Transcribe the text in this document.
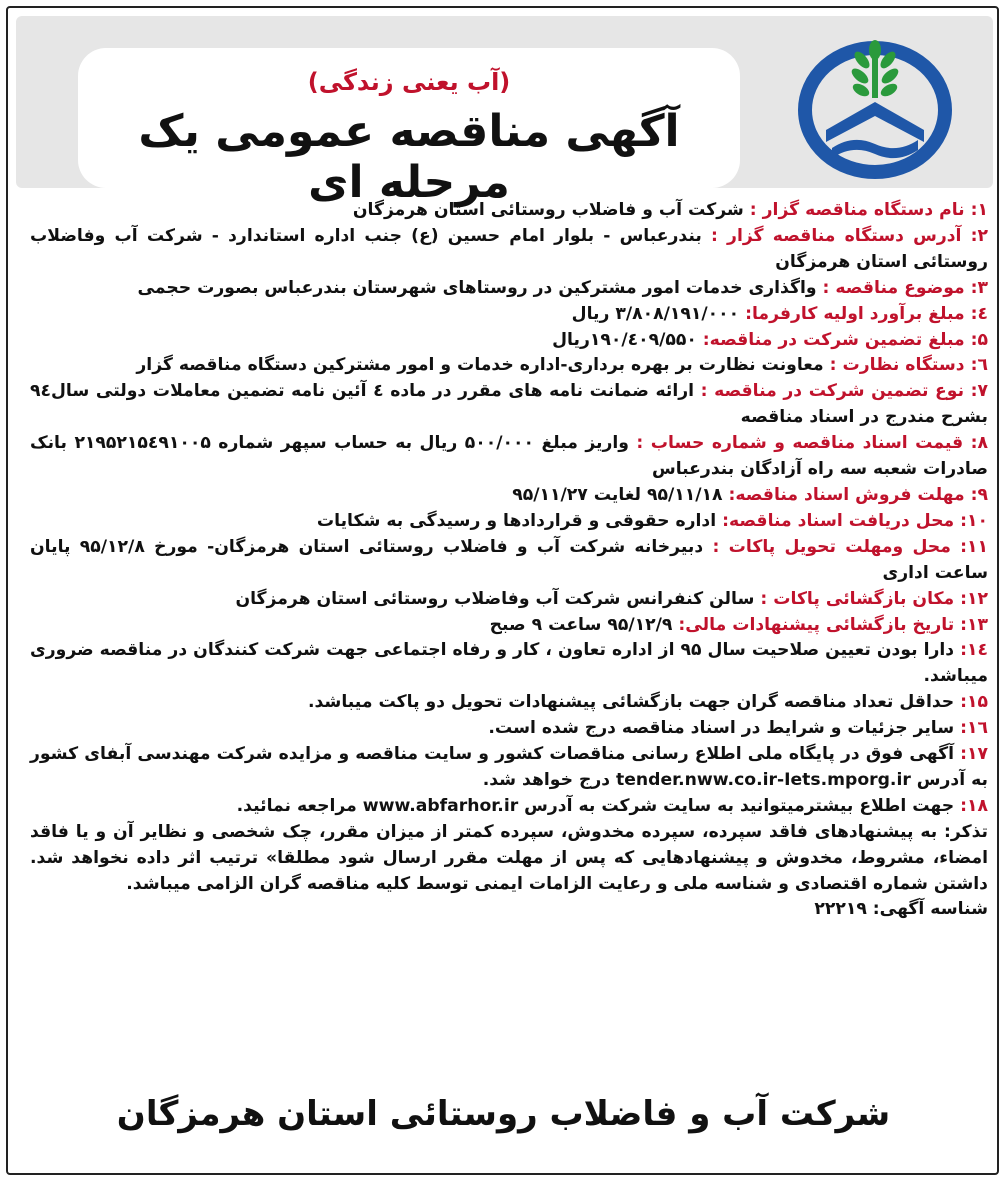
(آب یعنی زندگی)
آگهی مناقصه عمومی یک مرحله ای
۱: نام دستگاه مناقصه گزار : شرکت آب و فاضلاب روستائی استان هرمزگان
۲: آدرس دستگاه مناقصه گزار : بندرعباس - بلوار امام حسین (ع) جنب اداره استاندارد - شرکت آب وفاضلاب روستائی استان هرمزگان
۳: موضوع مناقصه : واگذاری خدمات امور مشترکین در روستاهای شهرستان بندرعباس بصورت حجمی
٤: مبلغ برآورد اولیه کارفرما: ۳/۸۰۸/۱۹۱/۰۰۰ ریال
۵: مبلغ تضمین شرکت در مناقصه: ۱۹۰/٤۰۹/۵۵۰ریال
٦: دستگاه نظارت : معاونت نظارت بر بهره برداری-اداره خدمات و امور مشترکین دستگاه مناقصه گزار
۷: نوع تضمین شرکت در مناقصه : ارائه ضمانت نامه های مقرر در ماده ٤ آئین نامه تضمین معاملات دولتی سال۹٤ بشرح مندرج در اسناد مناقصه
۸: قیمت اسناد مناقصه و شماره حساب : واریز مبلغ ۵۰۰/۰۰۰ ریال به حساب سپهر شماره ۲۱۹۵۲۱۵٤۹۱۰۰۵ بانک صادرات شعبه سه راه آزادگان بندرعباس
۹: مهلت فروش اسناد مناقصه: ۹۵/۱۱/۱۸ لغایت ۹۵/۱۱/۲۷
۱۰: محل دریافت اسناد مناقصه: اداره حقوقی و قراردادها و رسیدگی به شکایات
۱۱: محل ومهلت تحویل پاکات : دبیرخانه شرکت آب و فاضلاب روستائی استان هرمزگان- مورخ ۹۵/۱۲/۸ پایان ساعت اداری
۱۲: مکان بازگشائی پاکات : سالن کنفرانس شرکت آب وفاضلاب روستائی استان هرمزگان
۱۳: تاریخ بازگشائی پیشنهادات مالی: ۹۵/۱۲/۹ ساعت ۹ صبح
۱٤: دارا بودن تعیین صلاحیت سال ۹۵ از اداره تعاون ، کار و رفاه اجتماعی جهت شرکت کنندگان در مناقصه ضروری میباشد.
۱۵: حداقل تعداد مناقصه گران جهت بازگشائی پیشنهادات تحویل دو پاکت میباشد.
۱٦: سایر جزئیات و شرایط در اسناد مناقصه درج شده است.
۱۷: آگهی فوق در پایگاه ملی اطلاع رسانی مناقصات کشور و سایت مناقصه و مزایده شرکت مهندسی آبفای کشور به آدرس tender.nww.co.ir-Iets.mporg.ir درج خواهد شد.
۱۸: جهت اطلاع بیشترمیتوانید به سایت شرکت به آدرس www.abfarhor.ir مراجعه نمائید.
تذکر: به پیشنهادهای فاقد سپرده، سپرده مخدوش، سپرده کمتر از میزان مقرر، چک شخصی و نظایر آن و یا فاقد امضاء، مشروط، مخدوش و پیشنهادهایی که پس از مهلت مقرر ارسال شود مطلقا» ترتیب اثر داده نخواهد شد. داشتن شماره اقتصادی و شناسه ملی و رعایت الزامات ایمنی توسط کلیه مناقصه گران الزامی میباشد.
شناسه آگهی: ۲۲۲۱۹
شرکت آب و فاضلاب روستائی استان هرمزگان
